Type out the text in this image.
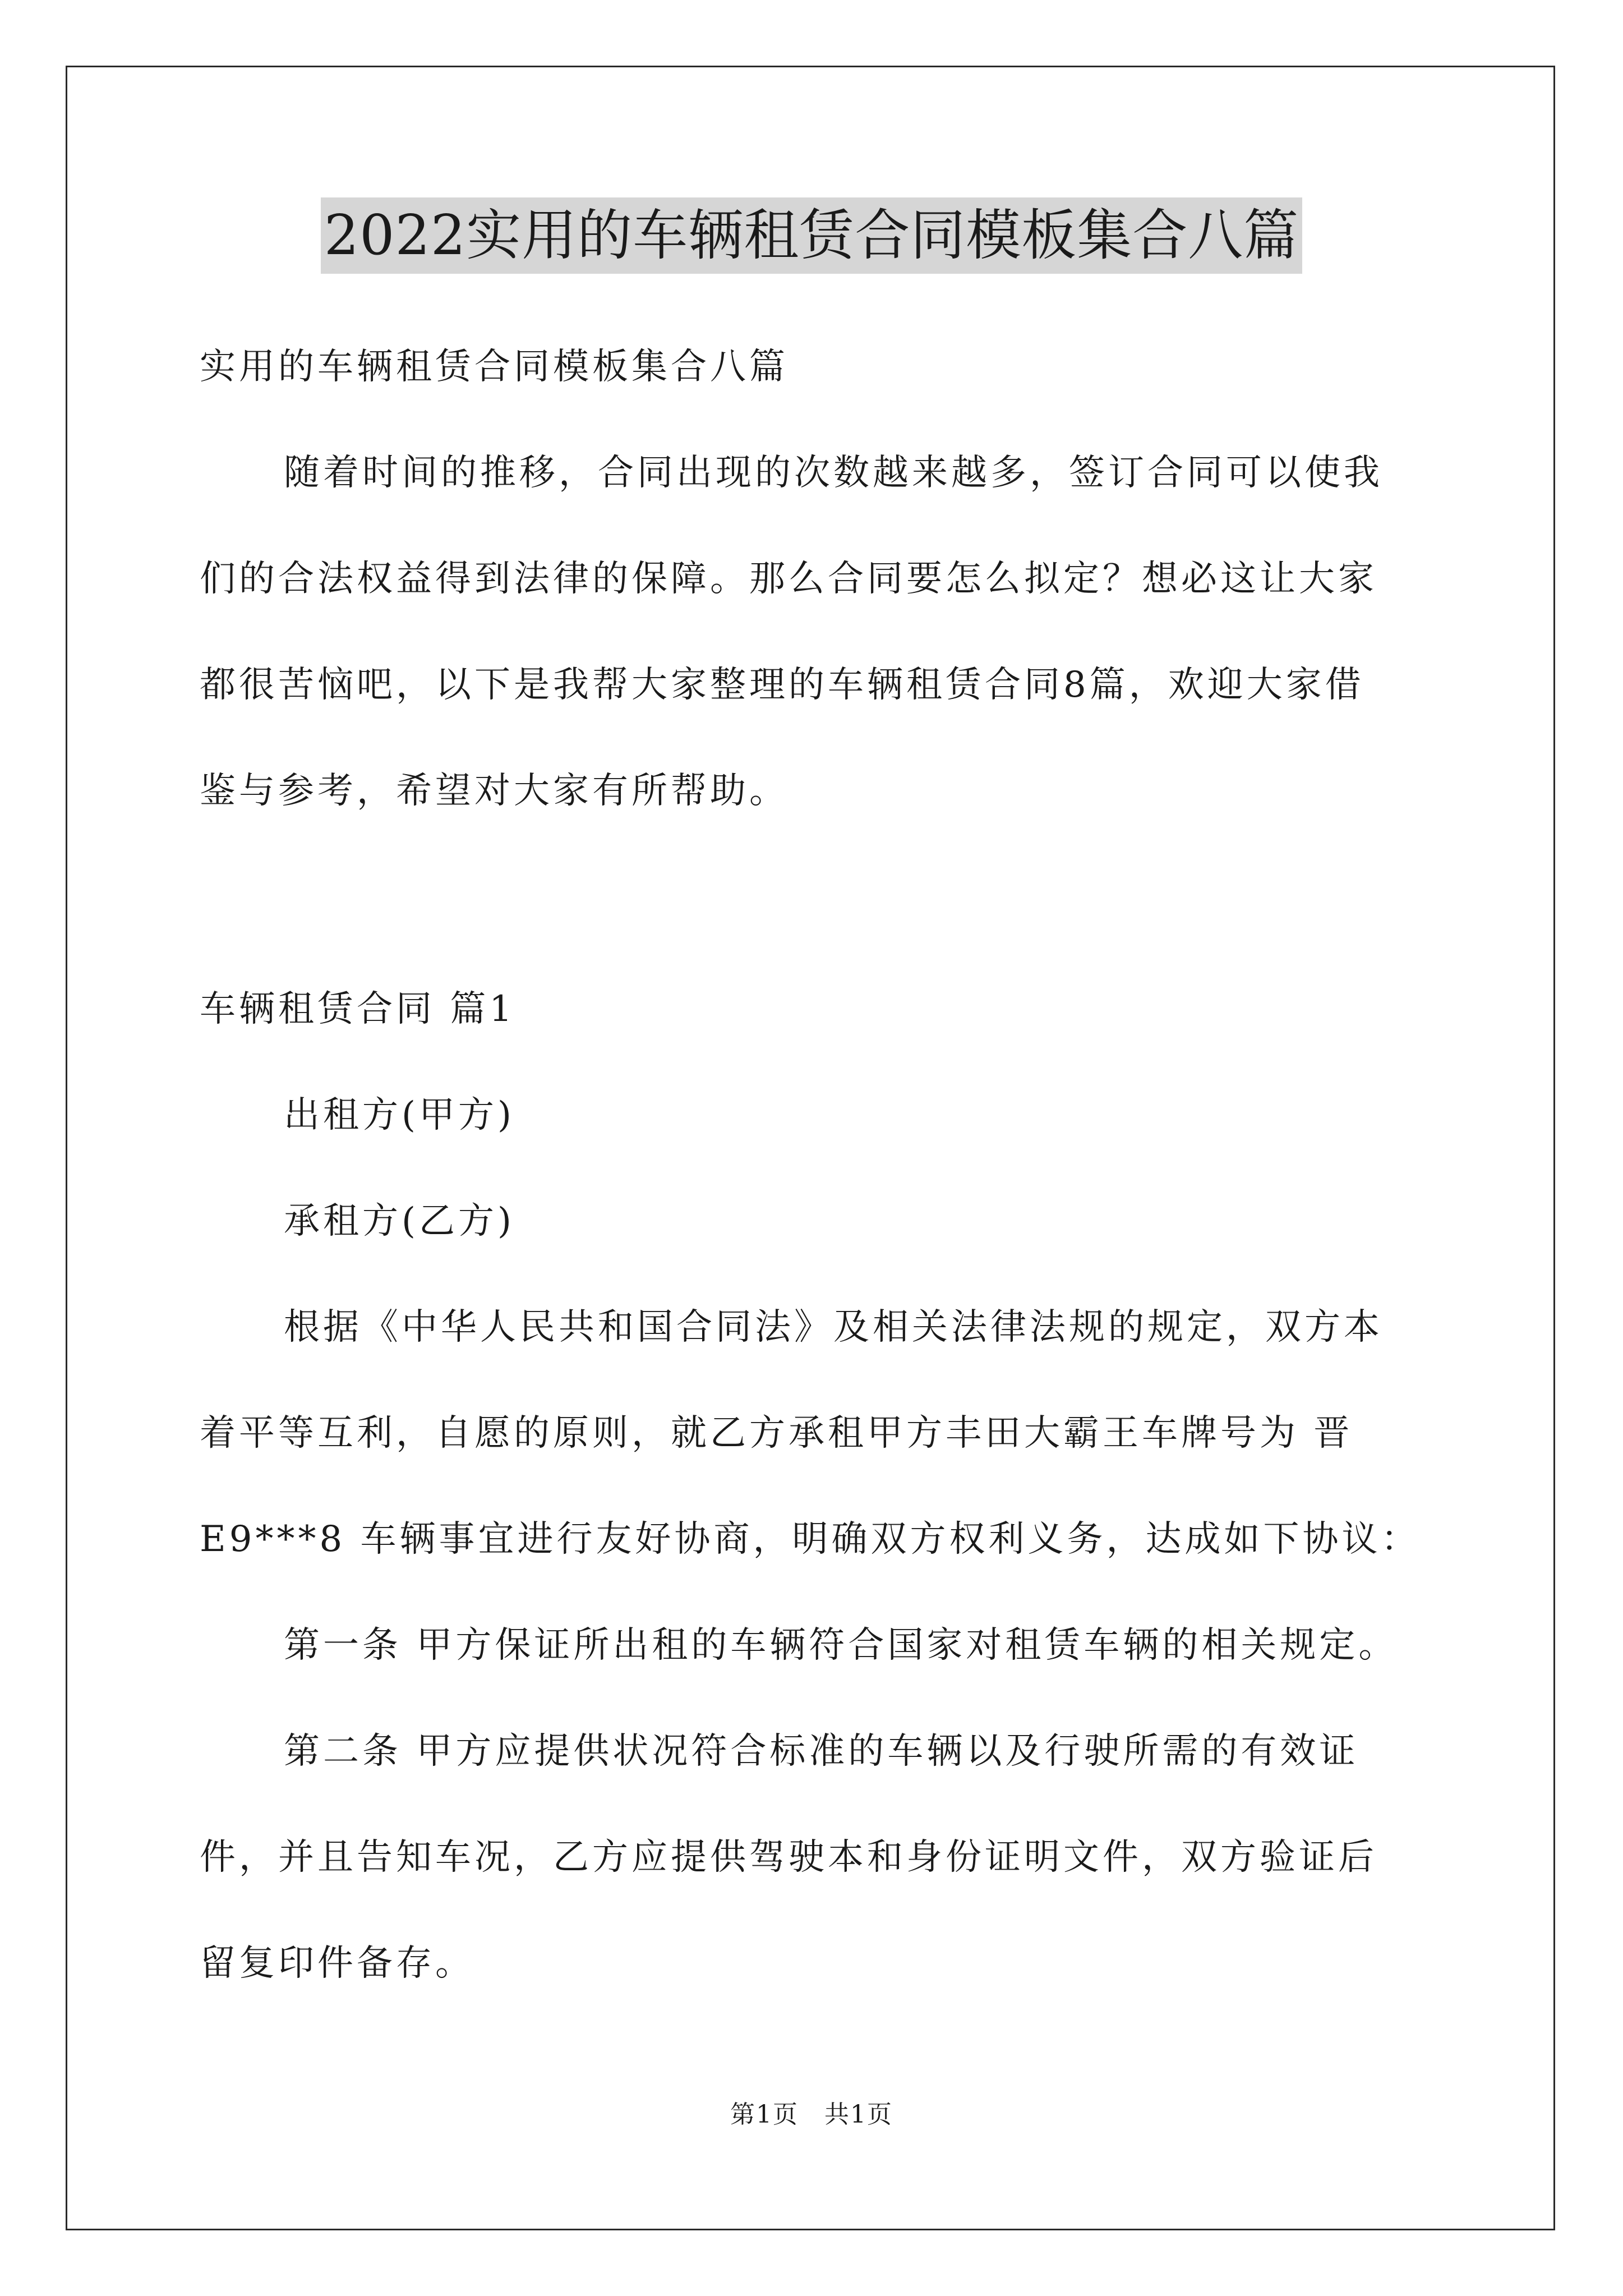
2022实用的车辆租赁合同模板集合八篇
实用的车辆租赁合同模板集合八篇
随着时间的推移，合同出现的次数越来越多，签订合同可以使我
们的合法权益得到法律的保障。那么合同要怎么拟定？想必这让大家
都很苦恼吧，以下是我帮大家整理的车辆租赁合同8篇，欢迎大家借
鉴与参考，希望对大家有所帮助。
车辆租赁合同 篇1
出租方(甲方)
承租方(乙方)
根据《中华人民共和国合同法》及相关法律法规的规定，双方本
着平等互利，自愿的原则，就乙方承租甲方丰田大霸王车牌号为 晋
E9***8 车辆事宜进行友好协商，明确双方权利义务，达成如下协议：
第一条 甲方保证所出租的车辆符合国家对租赁车辆的相关规定。
第二条 甲方应提供状况符合标准的车辆以及行驶所需的有效证
件，并且告知车况，乙方应提供驾驶本和身份证明文件，双方验证后
留复印件备存。
第1页　共1页
